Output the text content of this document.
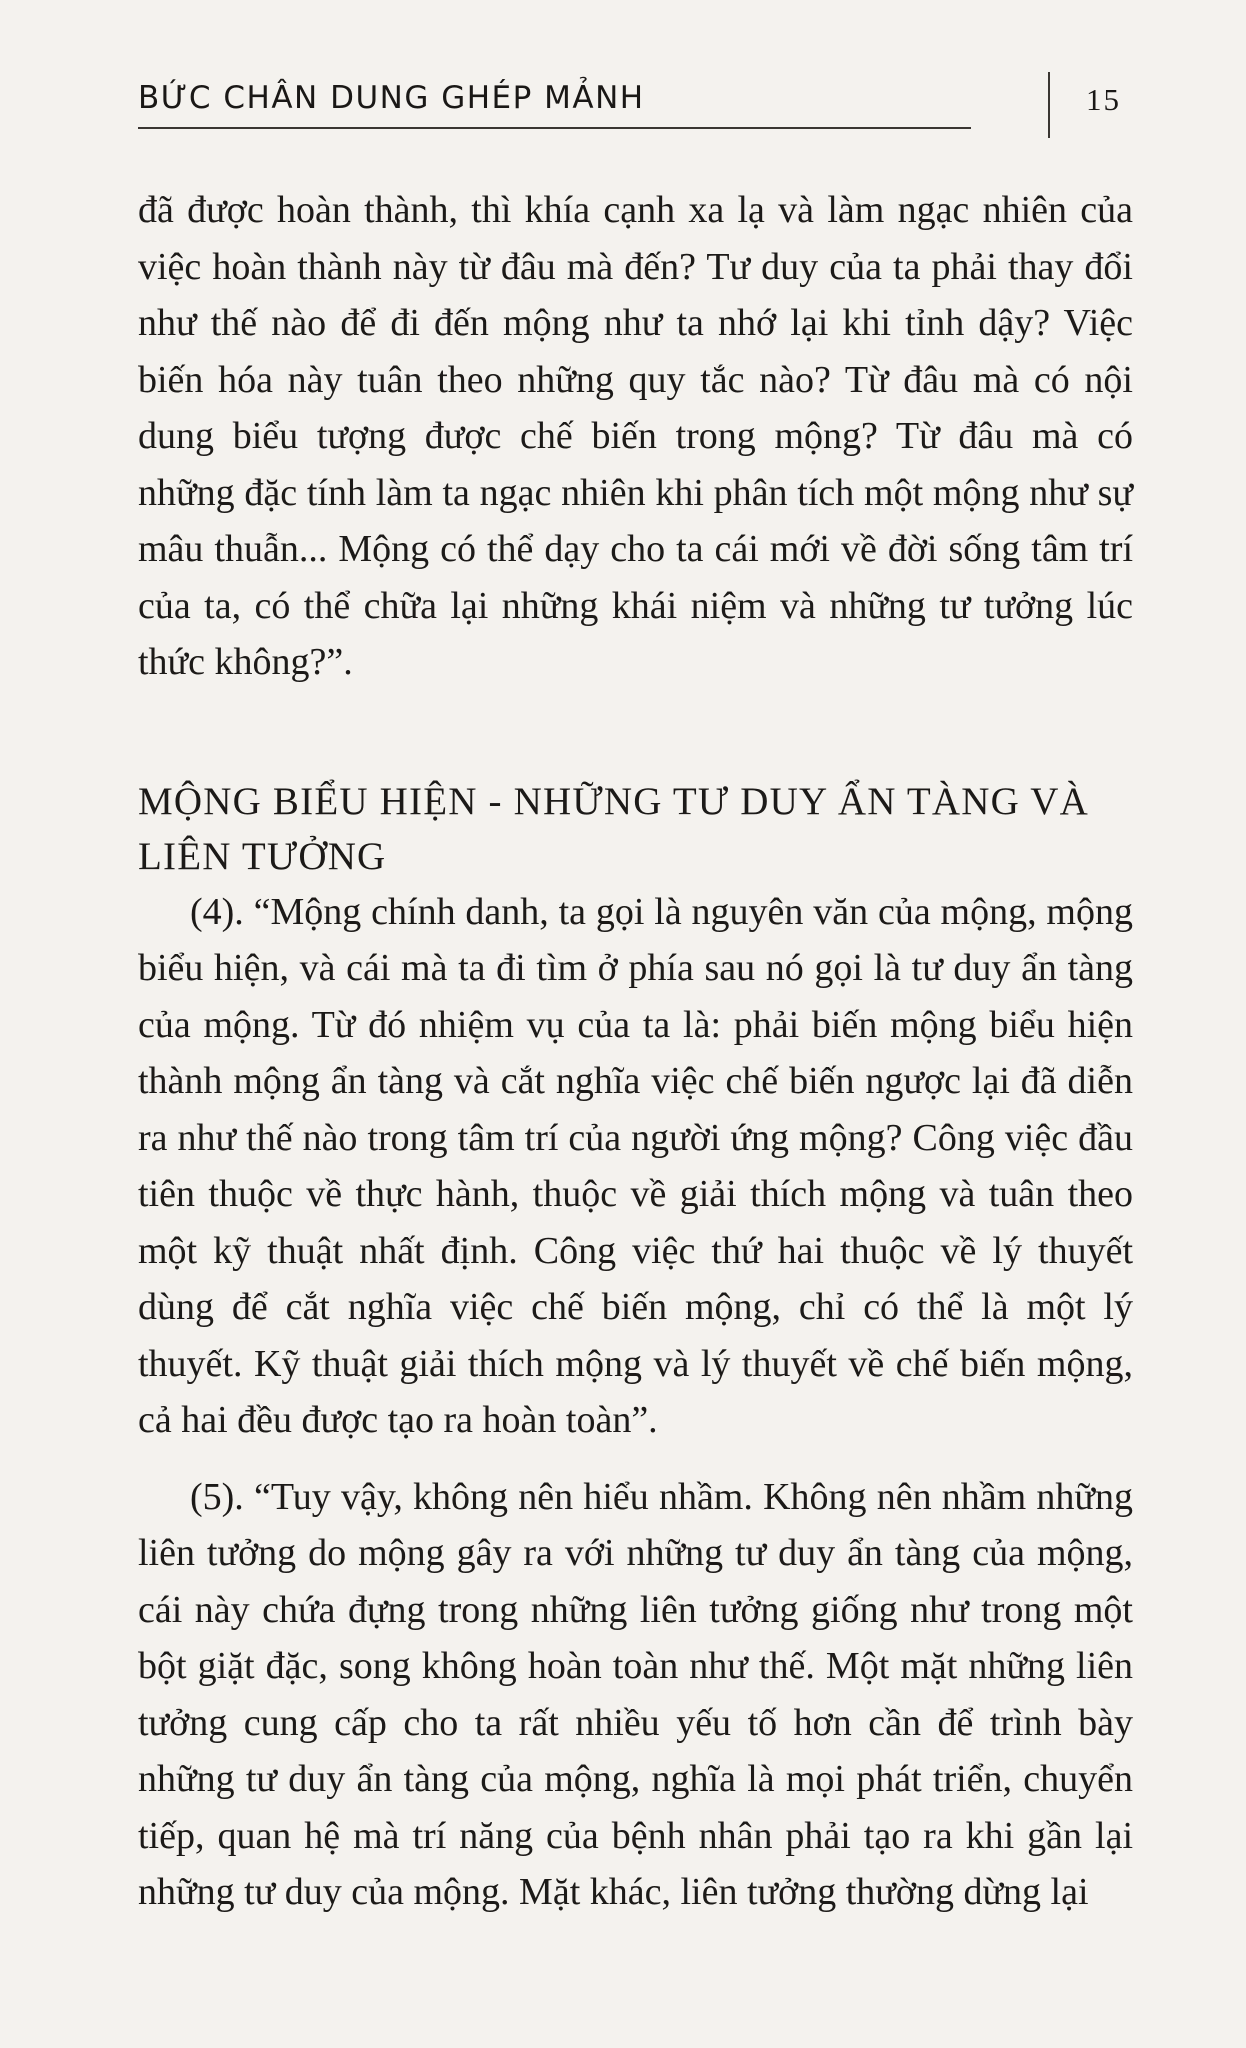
BỨC CHÂN DUNG GHÉP MẢNH	15

đã được hoàn thành, thì khía cạnh xa lạ và làm ngạc nhiên của việc hoàn thành này từ đâu mà đến? Tư duy của ta phải thay đổi như thế nào để đi đến mộng như ta nhớ lại khi tỉnh dậy? Việc biến hóa này tuân theo những quy tắc nào? Từ đâu mà có nội dung biểu tượng được chế biến trong mộng? Từ đâu mà có những đặc tính làm ta ngạc nhiên khi phân tích một mộng như sự mâu thuẫn... Mộng có thể dạy cho ta cái mới về đời sống tâm trí của ta, có thể chữa lại những khái niệm và những tư tưởng lúc thức không?”.

MỘNG BIỂU HIỆN - NHỮNG TƯ DUY ẨN TÀNG VÀ LIÊN TƯỞNG

(4). “Mộng chính danh, ta gọi là nguyên văn của mộng, mộng biểu hiện, và cái mà ta đi tìm ở phía sau nó gọi là tư duy ẩn tàng của mộng. Từ đó nhiệm vụ của ta là: phải biến mộng biểu hiện thành mộng ẩn tàng và cắt nghĩa việc chế biến ngược lại đã diễn ra như thế nào trong tâm trí của người ứng mộng? Công việc đầu tiên thuộc về thực hành, thuộc về giải thích mộng và tuân theo một kỹ thuật nhất định. Công việc thứ hai thuộc về lý thuyết dùng để cắt nghĩa việc chế biến mộng, chỉ có thể là một lý thuyết. Kỹ thuật giải thích mộng và lý thuyết về chế biến mộng, cả hai đều được tạo ra hoàn toàn”.

(5). “Tuy vậy, không nên hiểu nhầm. Không nên nhầm những liên tưởng do mộng gây ra với những tư duy ẩn tàng của mộng, cái này chứa đựng trong những liên tưởng giống như trong một bột giặt đặc, song không hoàn toàn như thế. Một mặt những liên tưởng cung cấp cho ta rất nhiều yếu tố hơn cần để trình bày những tư duy ẩn tàng của mộng, nghĩa là mọi phát triển, chuyển tiếp, quan hệ mà trí năng của bệnh nhân phải tạo ra khi gần lại những tư duy của mộng. Mặt khác, liên tưởng thường dừng lại
